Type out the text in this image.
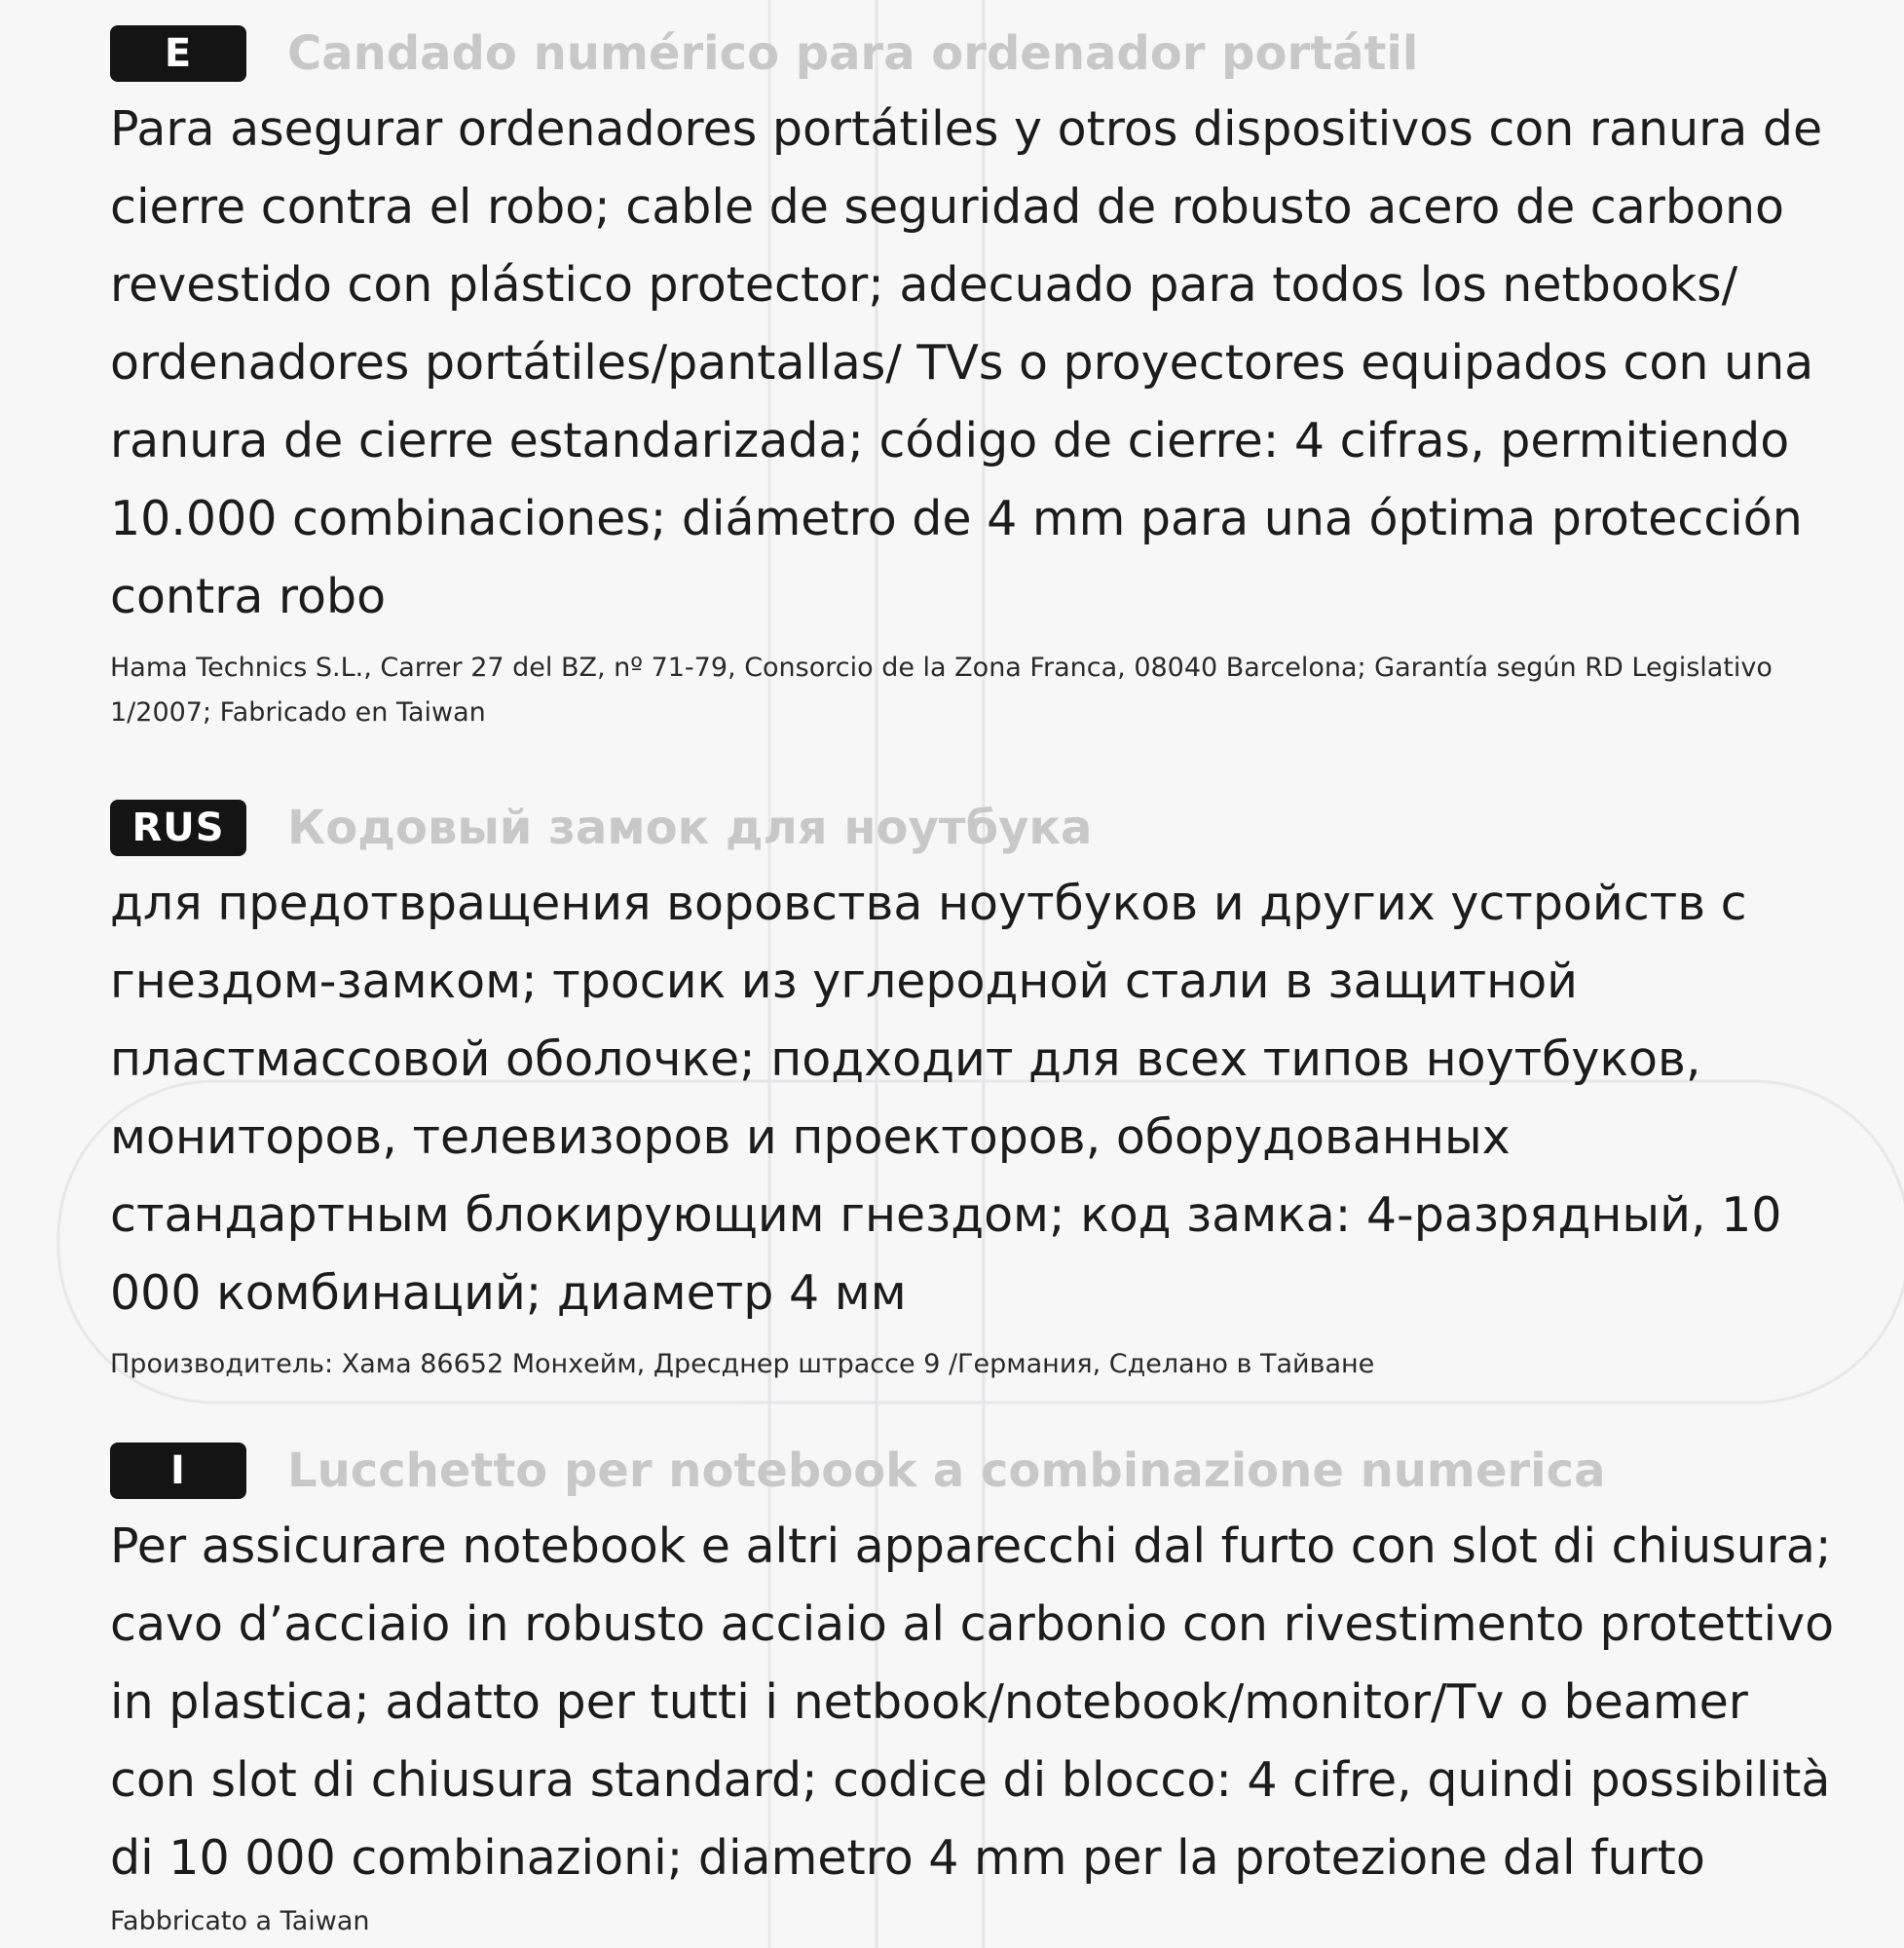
E	Candado numérico para ordenador portátil
Para asegurar ordenadores portátiles y otros dispositivos con ranura de cierre contra el robo; cable de seguridad de robusto acero de carbono revestido con plástico protector; adecuado para todos los netbooks/ ordenadores portátiles/pantallas/ TVs o proyectores equipados con una ranura de cierre estandarizada; código de cierre: 4 cifras, permitiendo 10.000 combinaciones; diámetro de 4 mm para una óptima protección contra robo
Hama Technics S.L., Carrer 27 del BZ, nº 71-79, Consorcio de la Zona Franca, 08040 Barcelona; Garantía según RD Legislativo 1/2007; Fabricado en Taiwan
RUS	Кодовый замок для ноутбука
для предотвращения воровства ноутбуков и других устройств с гнездом-замком; тросик из углеродной стали в защитной пластмассовой оболочке; подходит для всех типов ноутбуков, мониторов, телевизоров и проекторов, оборудованных стандартным блокирующим гнездом; код замка: 4-разрядный, 10 000 комбинаций; диаметр 4 мм
Производитель: Хама 86652 Монхейм, Дресднер штрассе 9 /Германия, Сделано в Тайване
I	Lucchetto per notebook a combinazione numerica
Per assicurare notebook e altri apparecchi dal furto con slot di chiusura; cavo d’acciaio in robusto acciaio al carbonio con rivestimento protettivo in plastica; adatto per tutti i netbook/notebook/monitor/Tv o beamer con slot di chiusura standard; codice di blocco: 4 cifre, quindi possibilità di 10 000 combinazioni; diametro 4 mm per la protezione dal furto
Fabbricato a Taiwan
